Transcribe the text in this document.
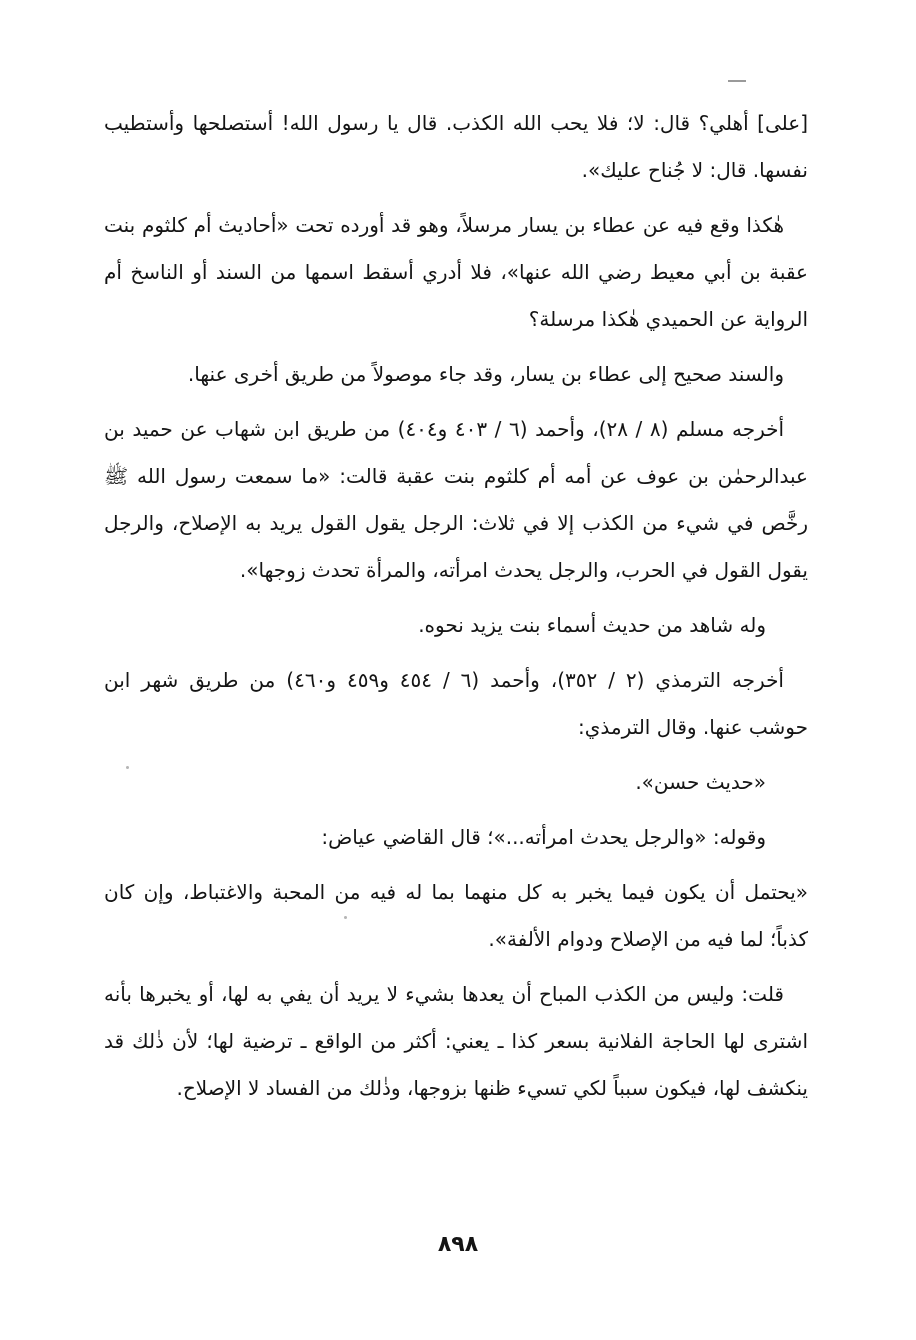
[على] أهلي؟ قال: لا؛ فلا يحب الله الكذب. قال يا رسول الله! أستصلحها وأستطيب نفسها. قال: لا جُناح عليك».

هٰكذا وقع فيه عن عطاء بن يسار مرسلاً، وهو قد أورده تحت «أحاديث أم كلثوم بنت عقبة بن أبي معيط رضي الله عنها»، فلا أدري أسقط اسمها من السند أو الناسخ أم الرواية عن الحميدي هٰكذا مرسلة؟

والسند صحيح إلى عطاء بن يسار، وقد جاء موصولاً من طريق أخرى عنها.

أخرجه مسلم (٨ / ٢٨)، وأحمد (٦ / ٤٠٣ و٤٠٤) من طريق ابن شهاب عن حميد بن عبدالرحمٰن بن عوف عن أمه أم كلثوم بنت عقبة قالت: «ما سمعت رسول الله ﷺ رخَّص في شيء من الكذب إلا في ثلاث: الرجل يقول القول يريد به الإصلاح، والرجل يقول القول في الحرب، والرجل يحدث امرأته، والمرأة تحدث زوجها».

وله شاهد من حديث أسماء بنت يزيد نحوه.

أخرجه الترمذي (٢ / ٣٥٢)، وأحمد (٦ / ٤٥٤ و٤٥٩ و٤٦٠) من طريق شهر ابن حوشب عنها. وقال الترمذي:

«حديث حسن».

وقوله: «والرجل يحدث امرأته...»؛ قال القاضي عياض:

«يحتمل أن يكون فيما يخبر به كل منهما بما له فيه من المحبة والاغتباط، وإن كان كذباً؛ لما فيه من الإصلاح ودوام الألفة».

قلت: وليس من الكذب المباح أن يعدها بشيء لا يريد أن يفي به لها، أو يخبرها بأنه اشترى لها الحاجة الفلانية بسعر كذا ـ يعني: أكثر من الواقع ـ ترضية لها؛ لأن ذٰلك قد ينكشف لها، فيكون سبباً لكي تسيء ظنها بزوجها، وذٰلك من الفساد لا الإصلاح.

٨٩٨
